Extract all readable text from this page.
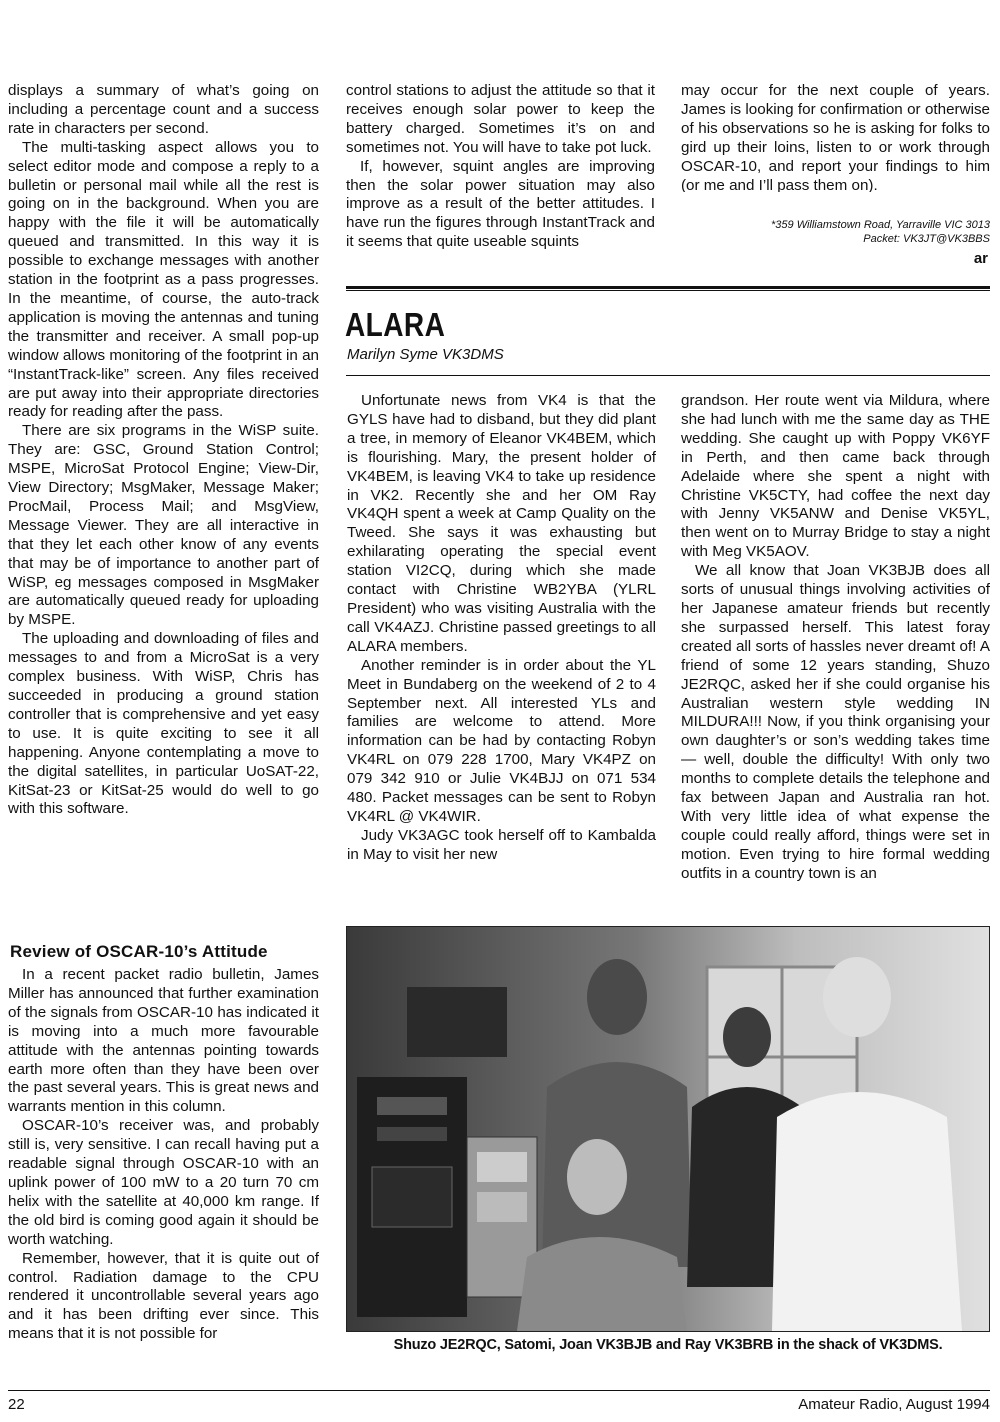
displays a summary of what’s going on including a percentage count and a success rate in characters per second.

The multi-tasking aspect allows you to select editor mode and compose a reply to a bulletin or personal mail while all the rest is going on in the background. When you are happy with the file it will be automatically queued and transmitted. In this way it is possible to exchange messages with another station in the footprint as a pass progresses. In the meantime, of course, the auto-track application is moving the antennas and tuning the transmitter and receiver. A small pop-up window allows monitoring of the footprint in an “InstantTrack-like” screen. Any files received are put away into their appropriate directories ready for reading after the pass.

There are six programs in the WiSP suite. They are: GSC, Ground Station Control; MSPE, MicroSat Protocol Engine; View-Dir, View Directory; MsgMaker, Message Maker; ProcMail, Process Mail; and MsgView, Message Viewer. They are all interactive in that they let each other know of any events that may be of importance to another part of WiSP, eg messages composed in MsgMaker are automatically queued ready for uploading by MSPE.

The uploading and downloading of files and messages to and from a MicroSat is a very complex business. With WiSP, Chris has succeeded in producing a ground station controller that is comprehensive and yet easy to use. It is quite exciting to see it all happening. Anyone contemplating a move to the digital satellites, in particular UoSAT-22, KitSat-23 or KitSat-25 would do well to go with this software.

control stations to adjust the attitude so that it receives enough solar power to keep the battery charged. Sometimes it’s on and sometimes not. You will have to take pot luck.

If, however, squint angles are improving then the solar power situation may also improve as a result of the better attitudes. I have run the figures through InstantTrack and it seems that quite useable squints

may occur for the next couple of years. James is looking for confirmation or otherwise of his observations so he is asking for folks to gird up their loins, listen to or work through OSCAR-10, and report your findings to him (or me and I’ll pass them on).

*359 Williamstown Road, Yarraville VIC 3013
Packet: VK3JT@VK3BBS
ar
ALARA
Marilyn Syme VK3DMS

Unfortunate news from VK4 is that the GYLS have had to disband, but they did plant a tree, in memory of Eleanor VK4BEM, which is flourishing. Mary, the present holder of VK4BEM, is leaving VK4 to take up residence in VK2. Recently she and her OM Ray VK4QH spent a week at Camp Quality on the Tweed. She says it was exhausting but exhilarating operating the special event station VI2CQ, during which she made contact with Christine WB2YBA (YLRL President) who was visiting Australia with the call VK4AZJ. Christine passed greetings to all ALARA members.

Another reminder is in order about the YL Meet in Bundaberg on the weekend of 2 to 4 September next. All interested YLs and families are welcome to attend. More information can be had by contacting Robyn VK4RL on 079 228 1700, Mary VK4PZ on 079 342 910 or Julie VK4BJJ on 071 534 480. Packet messages can be sent to Robyn VK4RL @ VK4WIR.

Judy VK3AGC took herself off to Kambalda in May to visit her new

grandson. Her route went via Mildura, where she had lunch with me the same day as THE wedding. She caught up with Poppy VK6YF in Perth, and then came back through Adelaide where she spent a night with Christine VK5CTY, had coffee the next day with Jenny VK5ANW and Denise VK5YL, then went on to Murray Bridge to stay a night with Meg VK5AOV.

We all know that Joan VK3BJB does all sorts of unusual things involving activities of her Japanese amateur friends but recently she surpassed herself. This latest foray created all sorts of hassles never dreamt of! A friend of some 12 years standing, Shuzo JE2RQC, asked her if she could organise his Australian western style wedding IN MILDURA!!! Now, if you think organising your own daughter’s or son’s wedding takes time — well, double the difficulty! With only two months to complete details the telephone and fax between Japan and Australia ran hot. With very little idea of what expense the couple could really afford, things were set in motion. Even trying to hire formal wedding outfits in a country town is an

Review of OSCAR-10’s Attitude

In a recent packet radio bulletin, James Miller has announced that further examination of the signals from OSCAR-10 has indicated it is moving into a much more favourable attitude with the antennas pointing towards earth more often than they have been over the past several years. This is great news and warrants mention in this column.

OSCAR-10’s receiver was, and probably still is, very sensitive. I can recall having put a readable signal through OSCAR-10 with an uplink power of 100 mW to a 20 turn 70 cm helix with the satellite at 40,000 km range. If the old bird is coming good again it should be worth watching.

Remember, however, that it is quite out of control. Radiation damage to the CPU rendered it uncontrollable several years ago and it has been drifting ever since. This means that it is not possible for

Shuzo JE2RQC, Satomi, Joan VK3BJB and Ray VK3BRB in the shack of VK3DMS.
22	Amateur Radio, August 1994
